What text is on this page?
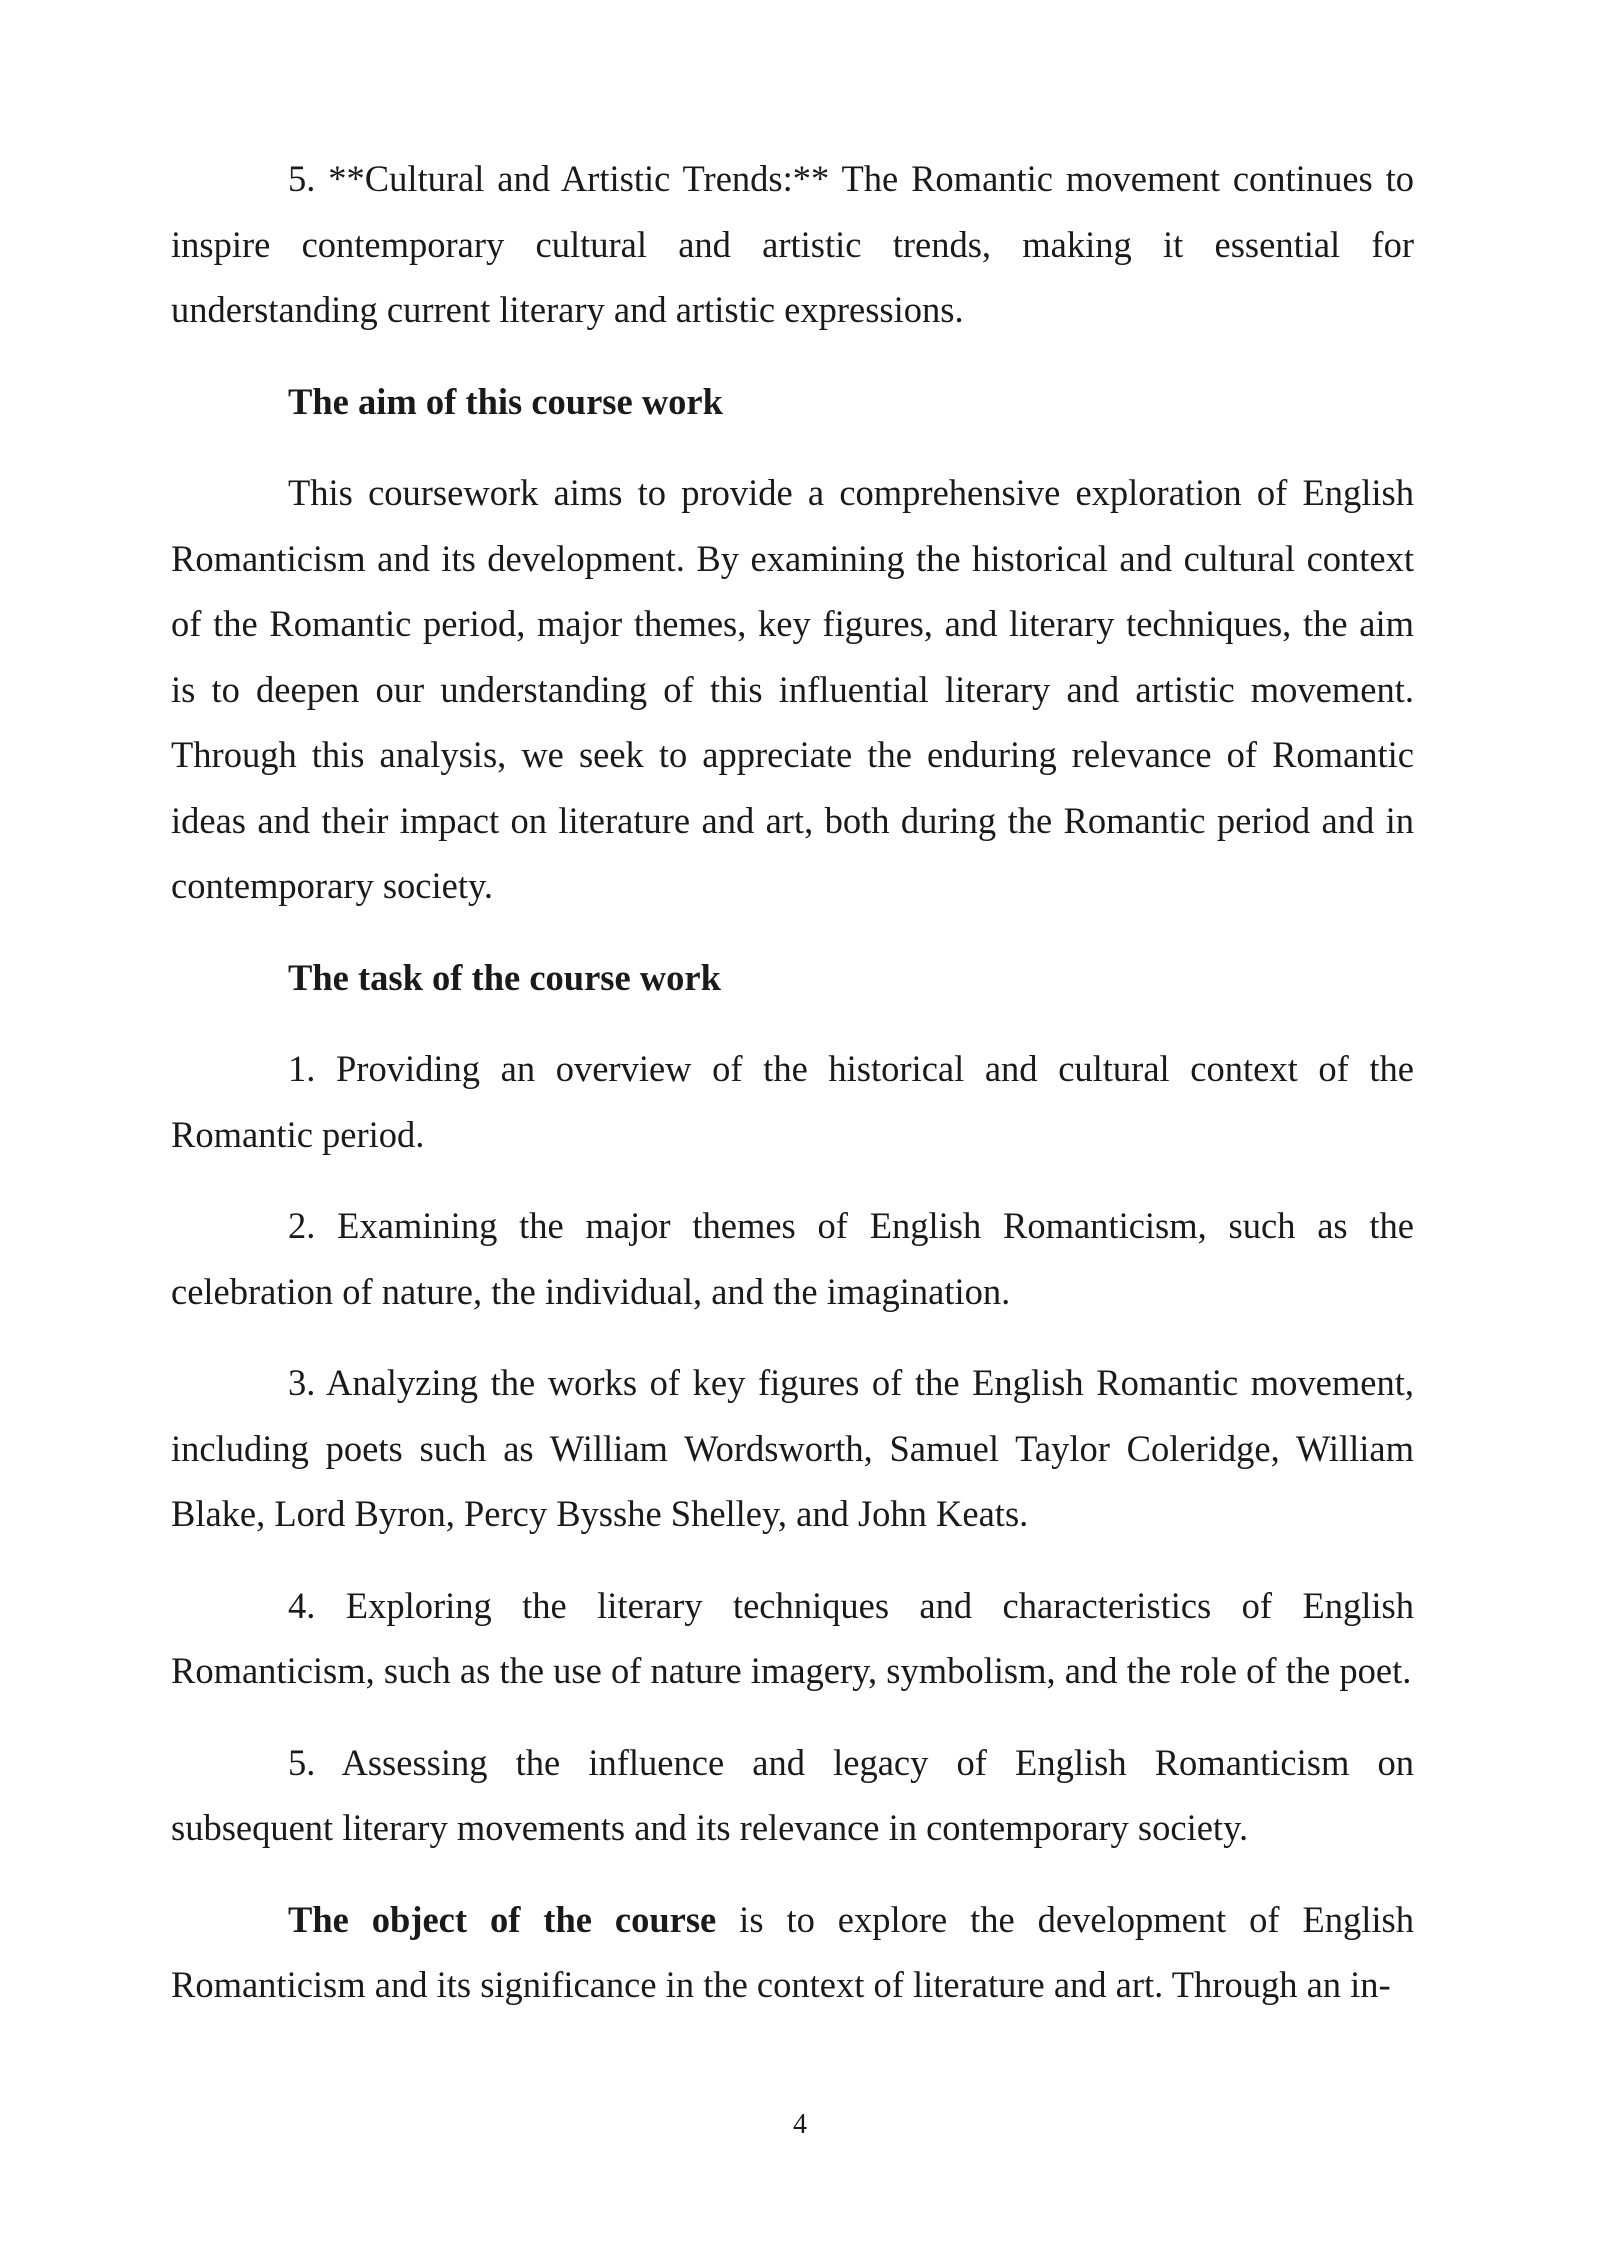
5. **Cultural and Artistic Trends:** The Romantic movement continues to inspire contemporary cultural and artistic trends, making it essential for understanding current literary and artistic expressions.

The aim of this course work

This coursework aims to provide a comprehensive exploration of English Romanticism and its development. By examining the historical and cultural context of the Romantic period, major themes, key figures, and literary techniques, the aim is to deepen our understanding of this influential literary and artistic movement. Through this analysis, we seek to appreciate the enduring relevance of Romantic ideas and their impact on literature and art, both during the Romantic period and in contemporary society.

The task of the course work

1. Providing an overview of the historical and cultural context of the Romantic period.

2. Examining the major themes of English Romanticism, such as the celebration of nature, the individual, and the imagination.

3. Analyzing the works of key figures of the English Romantic movement, including poets such as William Wordsworth, Samuel Taylor Coleridge, William Blake, Lord Byron, Percy Bysshe Shelley, and John Keats.

4. Exploring the literary techniques and characteristics of English Romanticism, such as the use of nature imagery, symbolism, and the role of the poet.

5. Assessing the influence and legacy of English Romanticism on subsequent literary movements and its relevance in contemporary society.

The object of the course is to explore the development of English Romanticism and its significance in the context of literature and art. Through an in-

4
